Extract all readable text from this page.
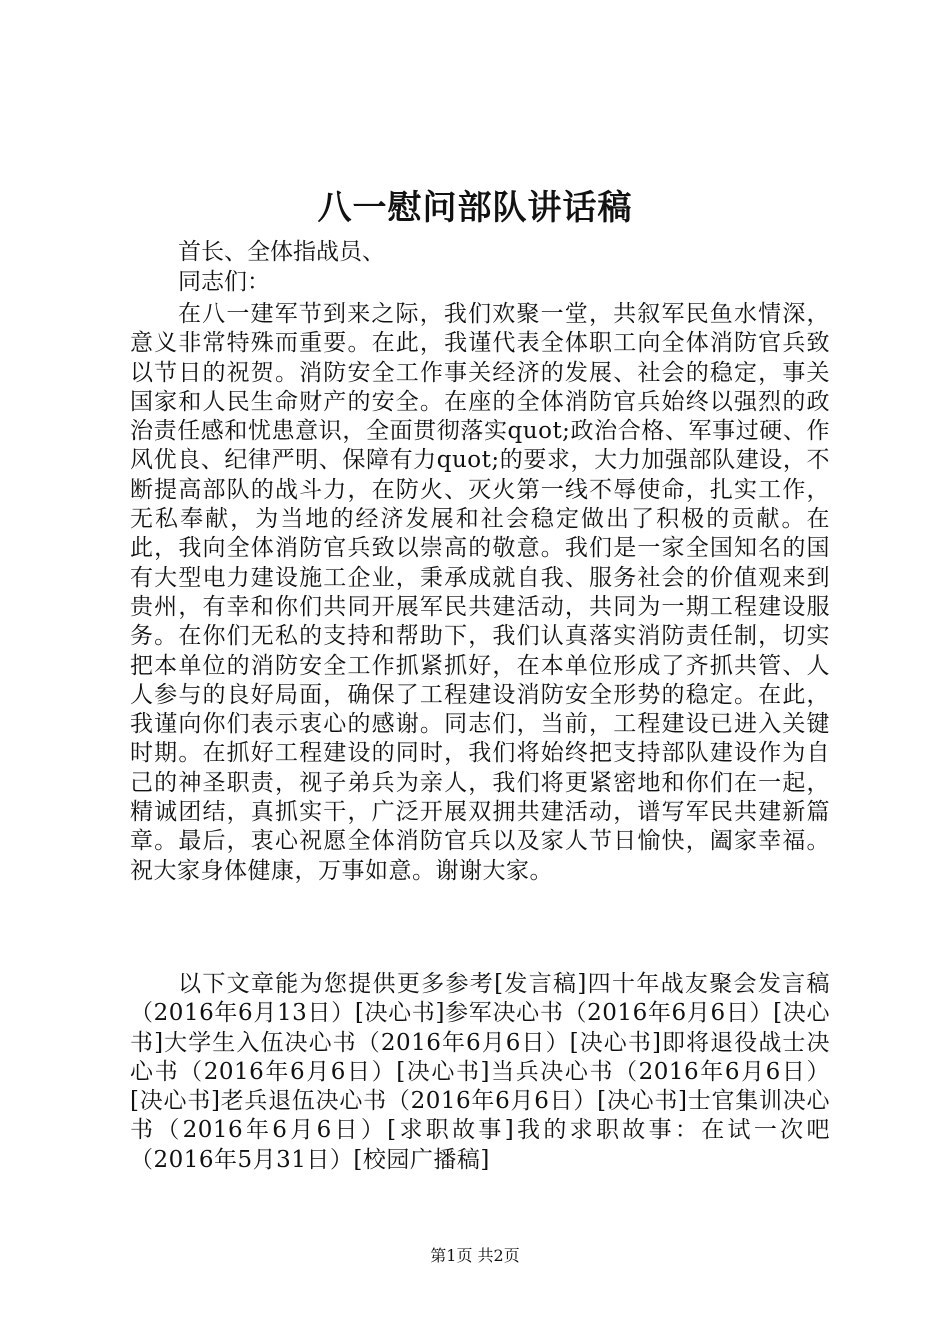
八一慰问部队讲话稿

首长、全体指战员、

同志们：

在八一建军节到来之际，我们欢聚一堂，共叙军民鱼水情深，意义非常特殊而重要。在此，我谨代表全体职工向全体消防官兵致以节日的祝贺。消防安全工作事关经济的发展、社会的稳定，事关国家和人民生命财产的安全。在座的全体消防官兵始终以强烈的政治责任感和忧患意识，全面贯彻落实quot;政治合格、军事过硬、作风优良、纪律严明、保障有力quot;的要求，大力加强部队建设，不断提高部队的战斗力，在防火、灭火第一线不辱使命，扎实工作，无私奉献，为当地的经济发展和社会稳定做出了积极的贡献。在此，我向全体消防官兵致以崇高的敬意。我们是一家全国知名的国有大型电力建设施工企业，秉承成就自我、服务社会的价值观来到贵州，有幸和你们共同开展军民共建活动，共同为一期工程建设服务。在你们无私的支持和帮助下，我们认真落实消防责任制，切实把本单位的消防安全工作抓紧抓好，在本单位形成了齐抓共管、人人参与的良好局面，确保了工程建设消防安全形势的稳定。在此，我谨向你们表示衷心的感谢。同志们，当前，工程建设已进入关键时期。在抓好工程建设的同时，我们将始终把支持部队建设作为自己的神圣职责，视子弟兵为亲人，我们将更紧密地和你们在一起，精诚团结，真抓实干，广泛开展双拥共建活动，谱写军民共建新篇章。最后，衷心祝愿全体消防官兵以及家人节日愉快，阖家幸福。祝大家身体健康，万事如意。谢谢大家。

以下文章能为您提供更多参考[发言稿]四十年战友聚会发言稿（2016年6月13日）[决心书]参军决心书（2016年6月6日）[决心书]大学生入伍决心书（2016年6月6日）[决心书]即将退役战士决心书（2016年6月6日）[决心书]当兵决心书（2016年6月6日）[决心书]老兵退伍决心书（2016年6月6日）[决心书]士官集训决心书（2016年6月6日）[求职故事]我的求职故事：在试一次吧（2016年5月31日）[校园广播稿]

第1页 共2页
